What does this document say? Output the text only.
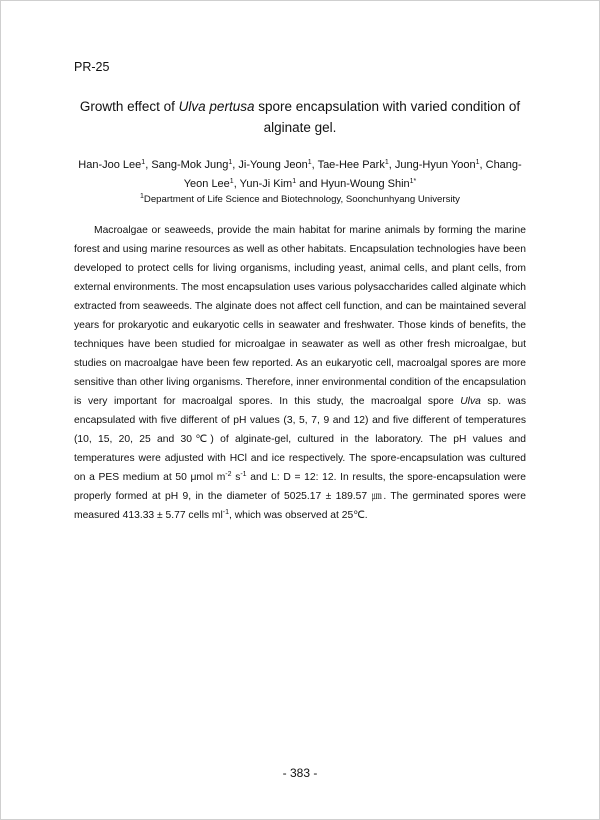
PR-25
Growth effect of Ulva pertusa spore encapsulation with varied condition of alginate gel.
Han-Joo Lee$^1$, Sang-Mok Jung$^1$, Ji-Young Jeon$^1$, Tae-Hee Park$^1$, Jung-Hyun Yoon$^1$, Chang-Yeon Lee$^1$, Yun-Ji Kim$^1$ and Hyun-Woung Shin$^{1*}$
$^1$Department of Life Science and Biotechnology, Soonchunhyang University

Macroalgae or seaweeds, provide the main habitat for marine animals by forming the marine forest and using marine resources as well as other habitats. Encapsulation technologies have been developed to protect cells for living organisms, including yeast, animal cells, and plant cells, from external environments. The most encapsulation uses various polysaccharides called alginate which extracted from seaweeds. The alginate does not affect cell function, and can be maintained several years for prokaryotic and eukaryotic cells in seawater and freshwater. Those kinds of benefits, the techniques have been studied for microalgae in seawater as well as other fresh microalgae, but studies on macroalgae have been few reported. As an eukaryotic cell, macroalgal spores are more sensitive than other living organisms. Therefore, inner environmental condition of the encapsulation is very important for macroalgal spores. In this study, the macroalgal spore Ulva sp. was encapsulated with five different of pH values (3, 5, 7, 9 and 12) and five different of temperatures (10, 15, 20, 25 and 30℃) of alginate-gel, cultured in the laboratory. The pH values and temperatures were adjusted with HCl and ice respectively. The spore-encapsulation was cultured on a PES medium at 50 μmol $m^{-2}$ $s^{-1}$ and L: D = 12: 12. In results, the spore-encapsulation were properly formed at pH 9, in the diameter of 5025.17 ± 189.57 ㎛. The germinated spores were measured 413.33 ± 5.77 cells $ml^{-1}$, which was observed at 25℃.

- 383 -
